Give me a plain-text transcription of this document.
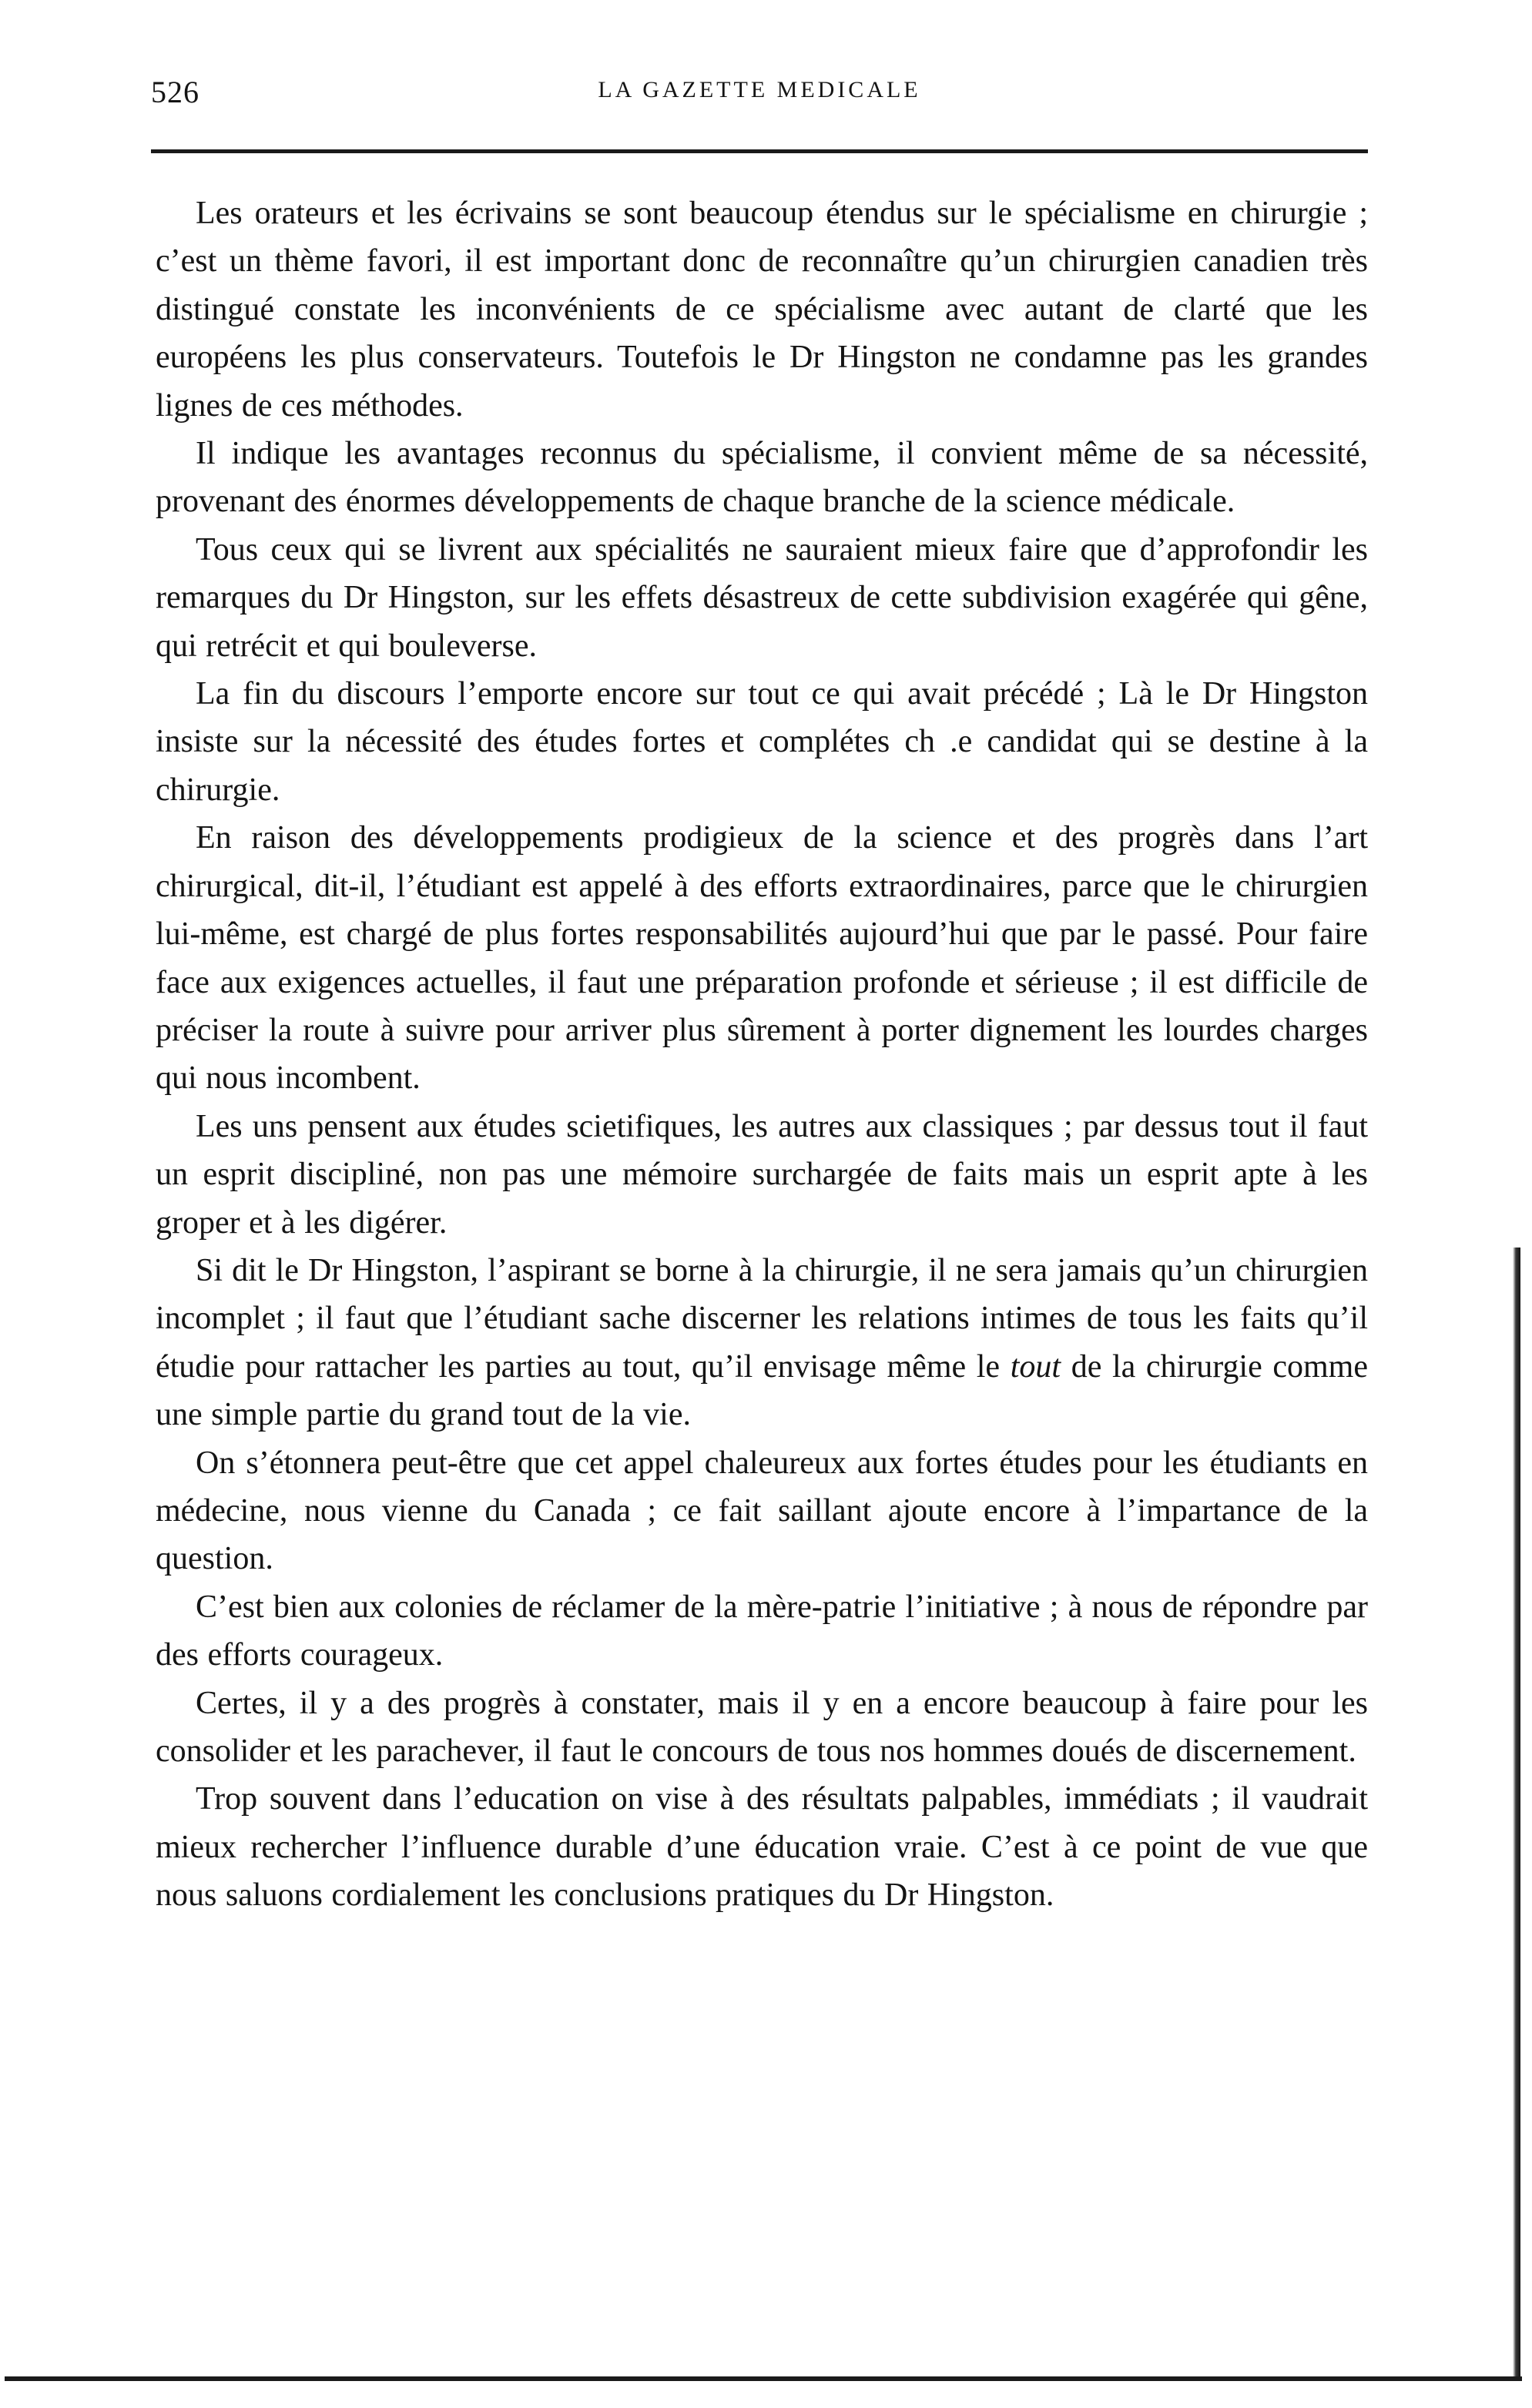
526	LA GAZETTE MEDICALE

Les orateurs et les écrivains se sont beaucoup étendus sur le spécialisme en chirurgie ; c’est un thème favori, il est important donc de reconnaître qu’un chirurgien canadien très distingué constate les inconvénients de ce spécialisme avec autant de clarté que les européens les plus conservateurs. Toutefois le Dr Hingston ne condamne pas les grandes lignes de ces méthodes.

Il indique les avantages reconnus du spécialisme, il convient même de sa nécessité, provenant des énormes développements de chaque branche de la science médicale.

Tous ceux qui se livrent aux spécialités ne sauraient mieux faire que d’approfondir les remarques du Dr Hingston, sur les effets désastreux de cette subdivision exagérée qui gêne, qui retrécit et qui bouleverse.

La fin du discours l’emporte encore sur tout ce qui avait précédé ; Là le Dr Hingston insiste sur la nécessité des études fortes et complétes ch .e candidat qui se destine à la chirurgie.

En raison des développements prodigieux de la science et des progrès dans l’art chirurgical, dit-il, l’étudiant est appelé à des efforts extraordinaires, parce que le chirurgien lui-même, est chargé de plus fortes responsabilités aujourd’hui que par le passé. Pour faire face aux exigences actuelles, il faut une préparation profonde et sérieuse ; il est difficile de préciser la route à suivre pour arriver plus sûrement à porter dignement les lourdes charges qui nous incombent.

Les uns pensent aux études scietifiques, les autres aux classiques ; par dessus tout il faut un esprit discipliné, non pas une mémoire surchargée de faits mais un esprit apte à les groper et à les digérer.

Si dit le Dr Hingston, l’aspirant se borne à la chirurgie, il ne sera jamais qu’un chirurgien incomplet ; il faut que l’étudiant sache discerner les relations intimes de tous les faits qu’il étudie pour rattacher les parties au tout, qu’il envisage même le tout de la chirurgie comme une simple partie du grand tout de la vie.

On s’étonnera peut-être que cet appel chaleureux aux fortes études pour les étudiants en médecine, nous vienne du Canada ; ce fait saillant ajoute encore à l’impartance de la question.

C’est bien aux colonies de réclamer de la mère-patrie l’initiative ; à nous de répondre par des efforts courageux.

Certes, il y a des progrès à constater, mais il y en a encore beaucoup à faire pour les consolider et les parachever, il faut le concours de tous nos hommes doués de discernement.

Trop souvent dans l’education on vise à des résultats palpables, immédiats ; il vaudrait mieux rechercher l’influence durable d’une éducation vraie. C’est à ce point de vue que nous saluons cordialement les conclusions pratiques du Dr Hingston.
